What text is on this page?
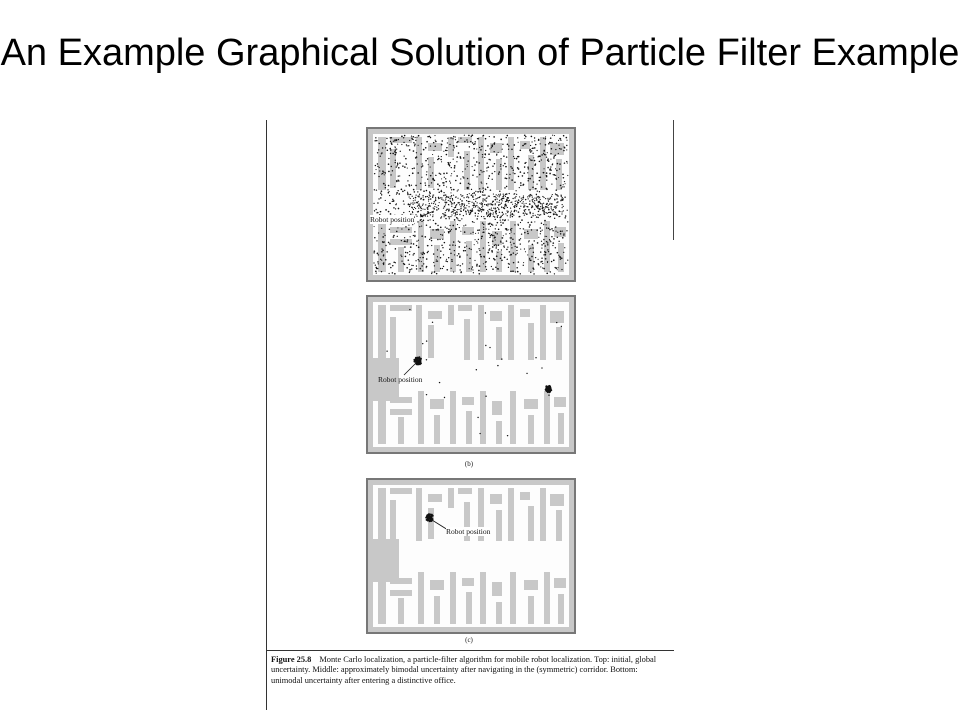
An Example Graphical Solution of Particle Filter Example
Robot position
Robot position
(b)
Robot position
(c)
Figure 25.8 Monte Carlo localization, a particle-filter algorithm for mobile robot localization. Top: initial, global uncertainty. Middle: approximately bimodal uncertainty after navigating in the (symmetric) corridor. Bottom: unimodal uncertainty after entering a distinctive office.
